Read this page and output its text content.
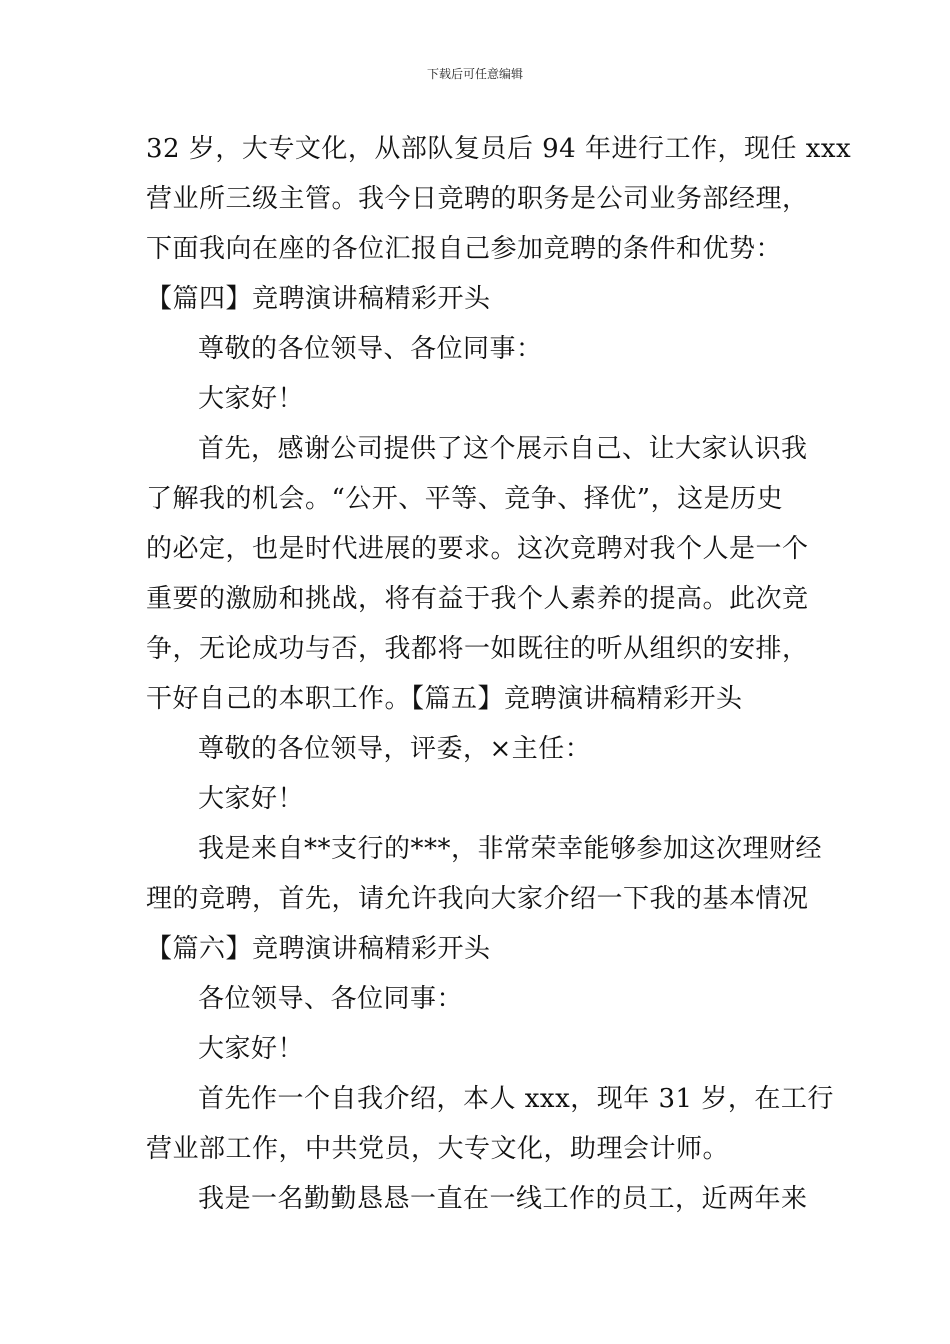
下载后可任意编辑
32 岁，大专文化，从部队复员后 94 年进行工作，现任 xxx
营业所三级主管。我今日竞聘的职务是公司业务部经理，
下面我向在座的各位汇报自己参加竞聘的条件和优势：
【篇四】竞聘演讲稿精彩开头
尊敬的各位领导、各位同事：
大家好！
首先，感谢公司提供了这个展示自己、让大家认识我
了解我的机会。“公开、平等、竞争、择优”，这是历史
的必定，也是时代进展的要求。这次竞聘对我个人是一个
重要的激励和挑战，将有益于我个人素养的提高。此次竞
争，无论成功与否，我都将一如既往的听从组织的安排，
干好自己的本职工作。【篇五】竞聘演讲稿精彩开头
尊敬的各位领导，评委，×主任：
大家好！
我是来自**支行的***，非常荣幸能够参加这次理财经
理的竞聘，首先，请允许我向大家介绍一下我的基本情况
【篇六】竞聘演讲稿精彩开头
各位领导、各位同事：
大家好！
首先作一个自我介绍，本人 xxx，现年 31 岁，在工行
营业部工作，中共党员，大专文化，助理会计师。
我是一名勤勤恳恳一直在一线工作的员工，近两年来
